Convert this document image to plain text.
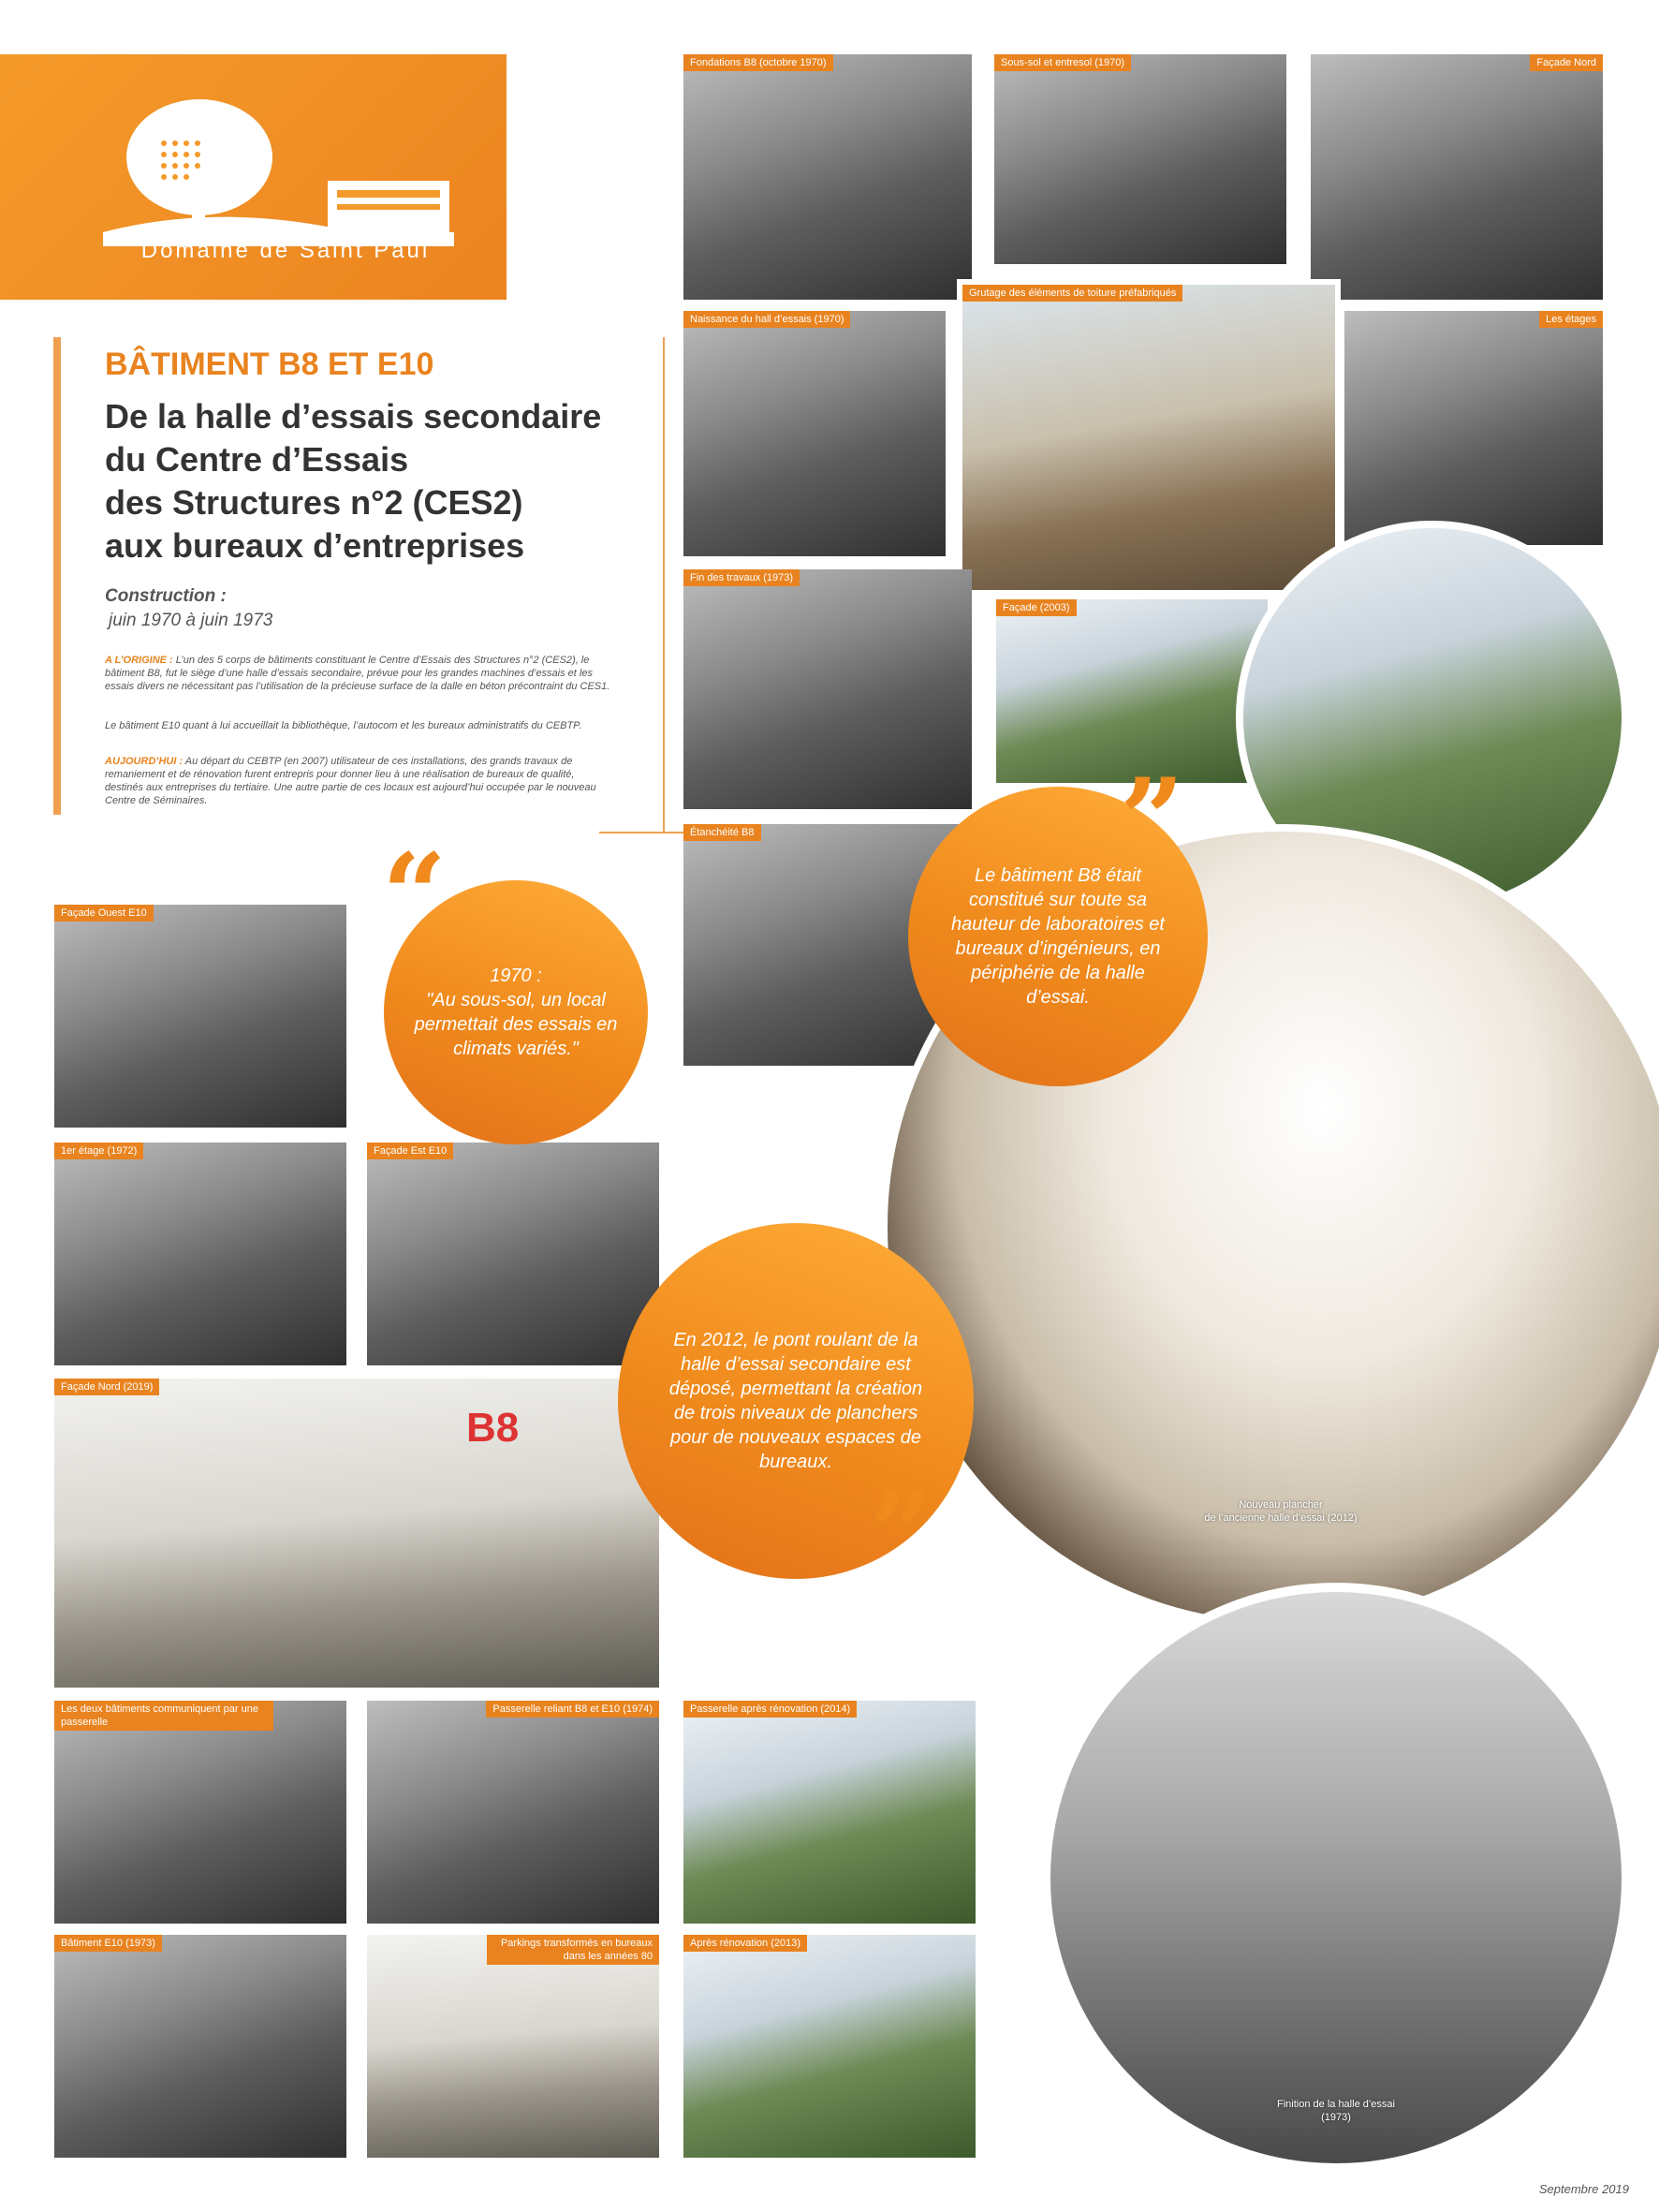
Domaine de Saint Paul
BÂTIMENT B8 ET E10
De la halle d’essais secondaire
du Centre d’Essais
des Structures n°2 (CES2)
aux bureaux d’entreprises
Construction :
juin 1970 à juin 1973
A L’ORIGINE : L’un des 5 corps de bâtiments constituant le Centre d’Essais des Structures n°2 (CES2), le bâtiment B8, fut le siège d’une halle d’essais secondaire, prévue pour les grandes machines d’essais et les essais divers ne nécessitant pas l’utilisation de la précieuse surface de la dalle en béton précontraint du CES1.
Le bâtiment E10 quant à lui accueillait la bibliothèque, l’autocom et les bureaux administratifs du CEBTP.
AUJOURD’HUI : Au départ du CEBTP (en 2007) utilisateur de ces installations, des grands travaux de remaniement et de rénovation furent entrepris pour donner lieu à une réalisation de bureaux de qualité, destinés aux entreprises du tertiaire. Une autre partie de ces locaux est aujourd’hui occupée par le nouveau Centre de Séminaires.
Fondations B8 (octobre 1970)	Sous-sol et entresol (1970)	Façade Nord
Naissance du hall d’essais (1970)
Grutage des éléments de toiture préfabriqués
Les étages
Fin des travaux (1973)
Façade (2003)
Étanchéité B8
Façade Ouest E10
1er étage (1972)	Façade Est E10
Façade Nord (2019)
B8
Les deux bâtiments communiquent par une passerelle
Passerelle reliant B8 et E10 (1974)	Passerelle après rénovation (2014)
Bâtiment E10 (1973)	Parkings transformés en bureaux dans les années 80
Après rénovation (2013)
Nouveau plancher
de l’ancienne halle d’essai (2012)
Finition de la halle d’essai
(1973)
1970 :
"Au sous-sol, un local permettait des essais en climats variés."
“	Le bâtiment B8 était constitué sur toute sa hauteur de laboratoires et bureaux d’ingénieurs, en périphérie de la halle d’essai.
”
En 2012, le pont roulant de la halle d’essai secondaire est déposé, permettant la création de trois niveaux de planchers pour de nouveaux espaces de bureaux.
”
Septembre 2019
